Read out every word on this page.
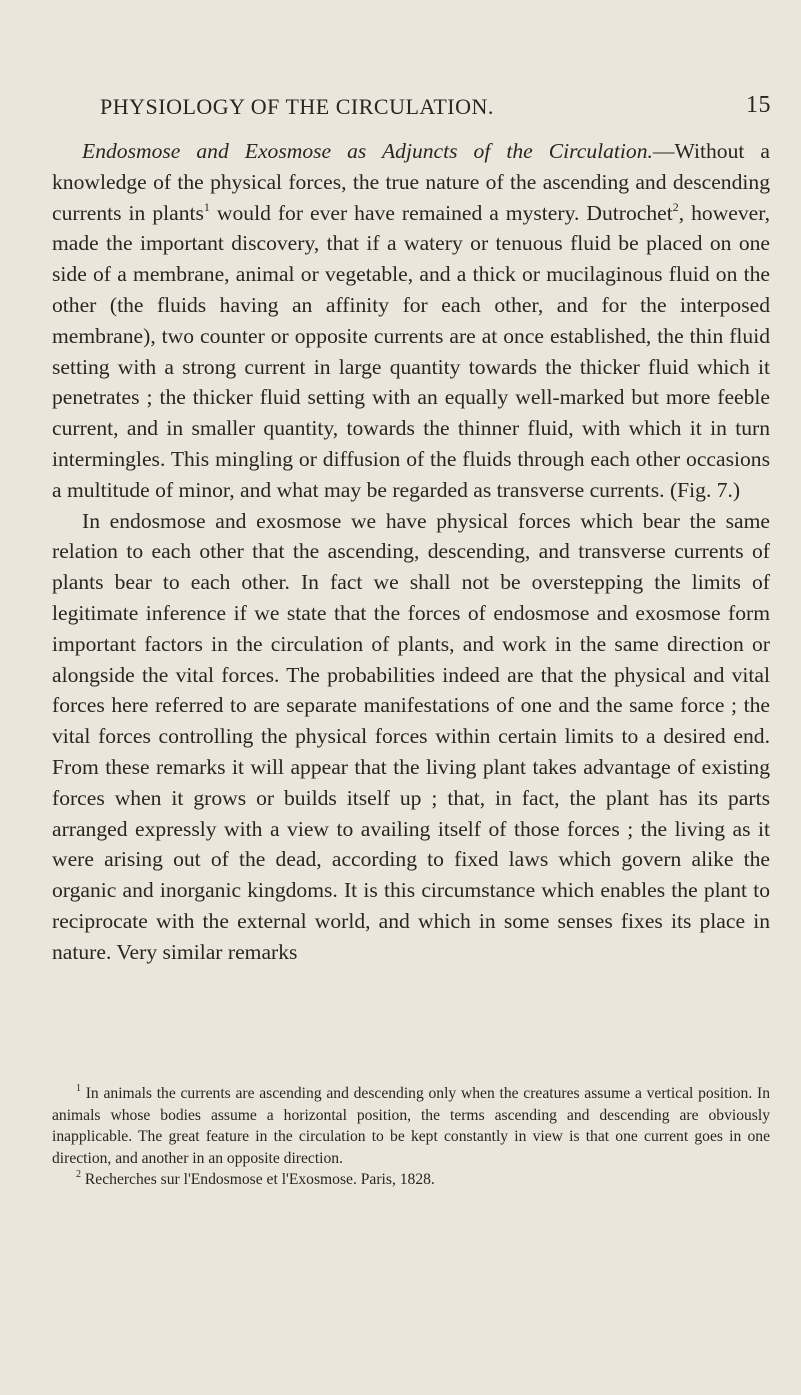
PHYSIOLOGY OF THE CIRCULATION.	15

Endosmose and Exosmose as Adjuncts of the Circulation.—Without a knowledge of the physical forces, the true nature of the ascending and descending currents in plants$^1$ would for ever have remained a mystery. Dutrochet$^2$, however, made the important discovery, that if a watery or tenuous fluid be placed on one side of a membrane, animal or vegetable, and a thick or mucilaginous fluid on the other (the fluids having an affinity for each other, and for the interposed membrane), two counter or opposite currents are at once established, the thin fluid setting with a strong current in large quantity towards the thicker fluid which it penetrates ; the thicker fluid setting with an equally well-marked but more feeble current, and in smaller quantity, towards the thinner fluid, with which it in turn intermingles. This mingling or diffusion of the fluids through each other occasions a multitude of minor, and what may be regarded as transverse currents. (Fig. 7.)

In endosmose and exosmose we have physical forces which bear the same relation to each other that the ascending, descending, and transverse currents of plants bear to each other. In fact we shall not be overstepping the limits of legitimate inference if we state that the forces of endosmose and exosmose form important factors in the circulation of plants, and work in the same direction or alongside the vital forces. The probabilities indeed are that the physical and vital forces here referred to are separate manifestations of one and the same force ; the vital forces controlling the physical forces within certain limits to a desired end. From these remarks it will appear that the living plant takes advantage of existing forces when it grows or builds itself up ; that, in fact, the plant has its parts arranged expressly with a view to availing itself of those forces ; the living as it were arising out of the dead, according to fixed laws which govern alike the organic and inorganic kingdoms. It is this circumstance which enables the plant to reciprocate with the external world, and which in some senses fixes its place in nature. Very similar remarks

$^1$ In animals the currents are ascending and descending only when the creatures assume a vertical position. In animals whose bodies assume a horizontal position, the terms ascending and descending are obviously inapplicable. The great feature in the circulation to be kept constantly in view is that one current goes in one direction, and another in an opposite direction.

$^2$ Recherches sur l'Endosmose et l'Exosmose. Paris, 1828.
